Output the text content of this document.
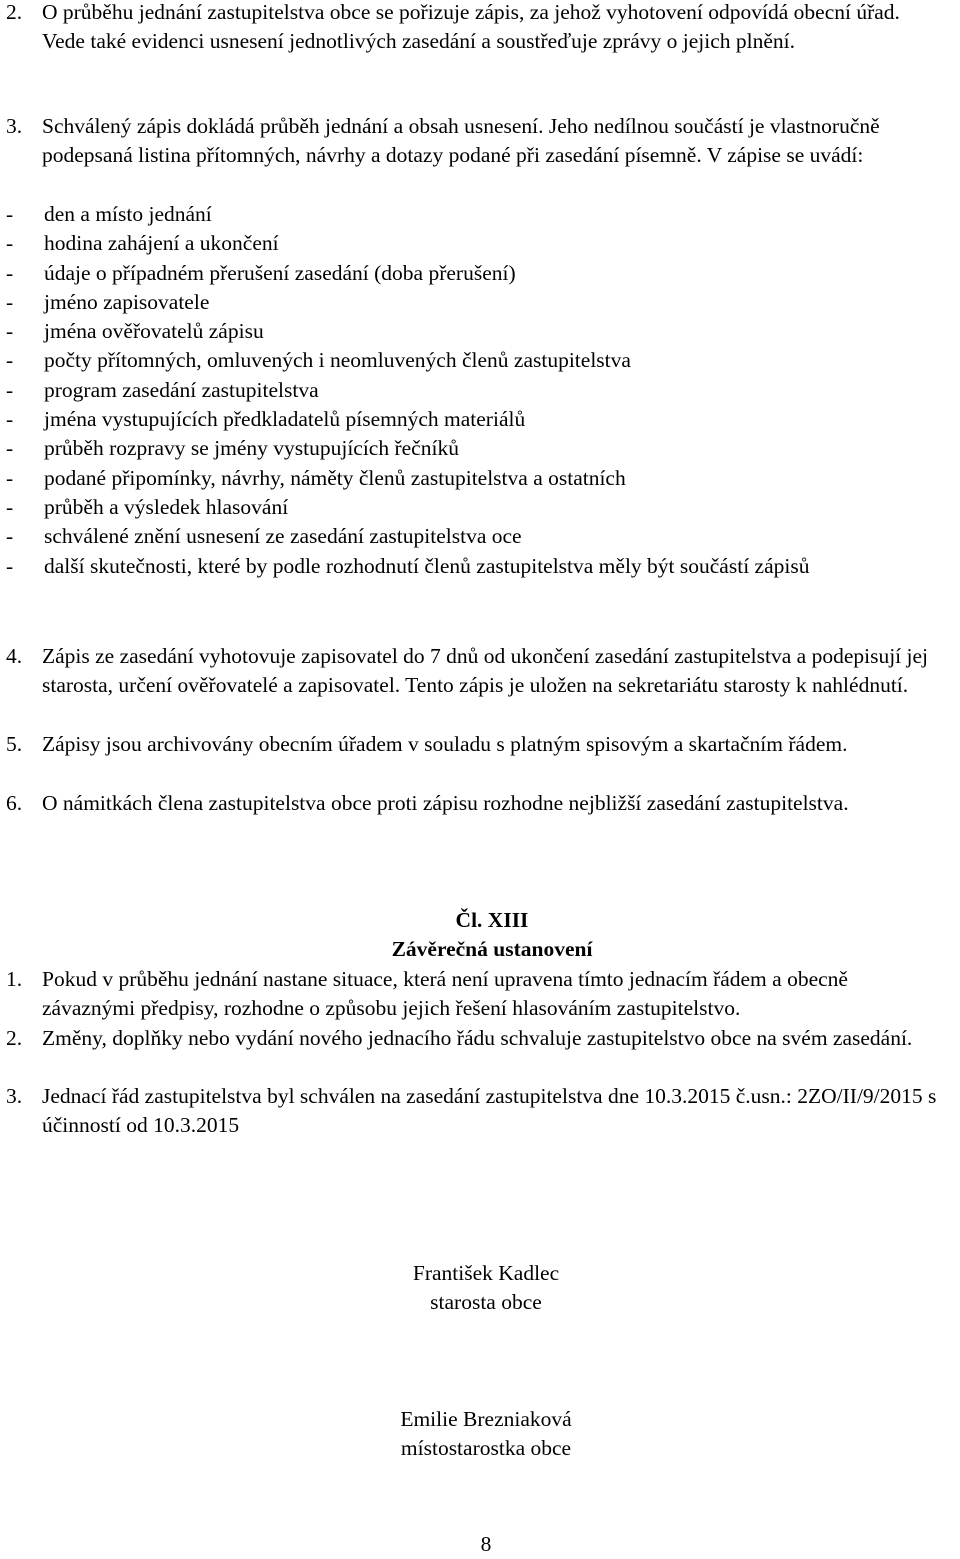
2. O průběhu jednání zastupitelstva obce se pořizuje zápis, za jehož vyhotovení odpovídá obecní úřad. Vede také evidenci usnesení jednotlivých zasedání a soustřeďuje zprávy o jejich plnění.

3. Schválený zápis dokládá průběh jednání a obsah usnesení. Jeho nedílnou součástí je vlastnoručně podepsaná listina přítomných, návrhy a dotazy podané při zasedání písemně. V zápise se uvádí:

-	den a místo jednání
-	hodina zahájení a ukončení
-	údaje o případném přerušení zasedání (doba přerušení)
-	jméno zapisovatele
-	jména ověřovatelů zápisu
-	počty přítomných, omluvených i neomluvených členů zastupitelstva
-	program zasedání zastupitelstva
-	jména vystupujících předkladatelů písemných materiálů
-	průběh rozpravy se jmény vystupujících řečníků
-	podané připomínky, návrhy, náměty členů zastupitelstva a ostatních
-	průběh a výsledek hlasování
-	schválené znění usnesení ze zasedání zastupitelstva oce
-	další skutečnosti, které by podle rozhodnutí členů zastupitelstva měly být součástí zápisů
4. Zápis ze zasedání vyhotovuje zapisovatel do 7 dnů od ukončení zasedání zastupitelstva a podepisují jej starosta, určení ověřovatelé a zapisovatel. Tento zápis je uložen na sekretariátu starosty k nahlédnutí.

5. Zápisy jsou archivovány obecním úřadem v souladu s platným spisovým a skartačním řádem.

6. O námitkách člena zastupitelstva obce proti zápisu rozhodne nejbližší zasedání zastupitelstva.

Čl. XIII
Závěrečná ustanovení
1. Pokud v průběhu jednání nastane situace, která není upravena tímto jednacím řádem a obecně závaznými předpisy, rozhodne o způsobu jejich řešení hlasováním zastupitelstvo.

2. Změny, doplňky nebo vydání nového jednacího řádu schvaluje zastupitelstvo obce na svém zasedání.

3. Jednací řád zastupitelstva byl schválen na zasedání zastupitelstva dne 10.3.2015 č.usn.: 2ZO/II/9/2015 s účinností od 10.3.2015

František Kadlec
starosta obce
Emilie Brezniaková
místostarostka obce
8
